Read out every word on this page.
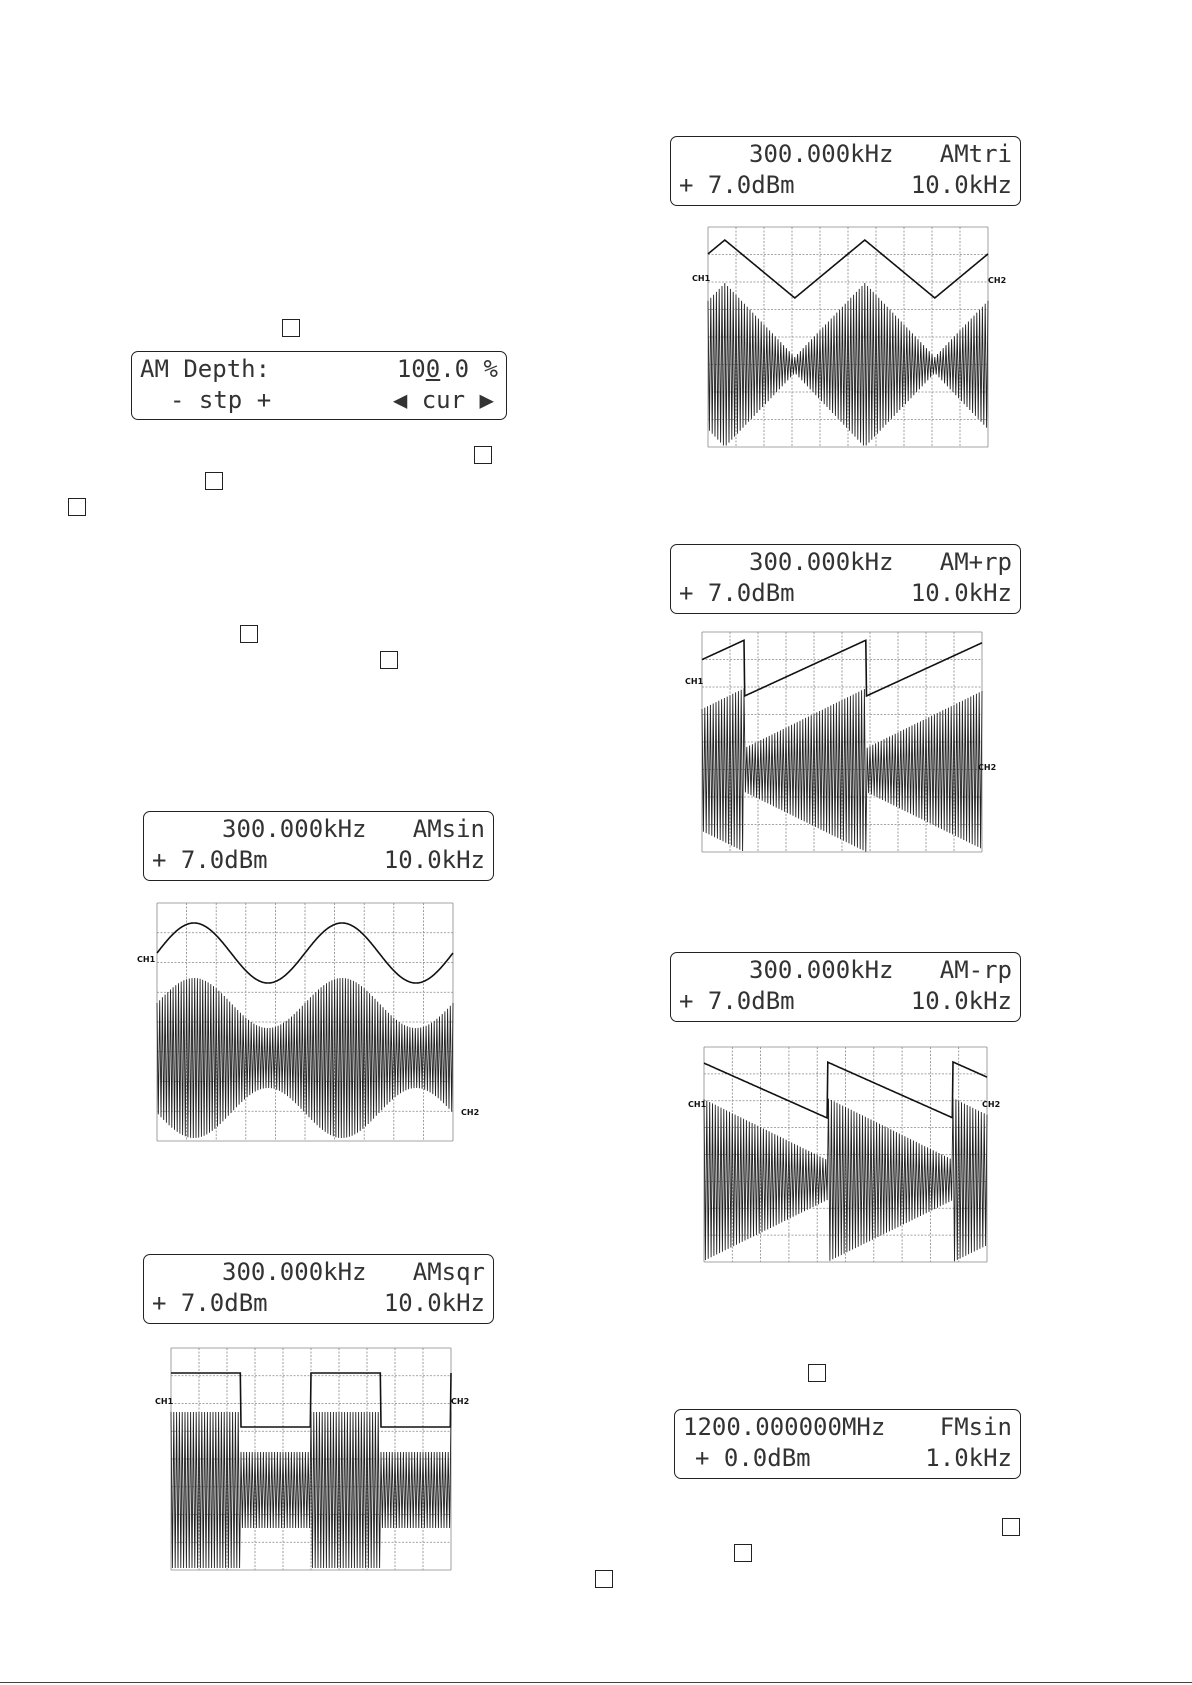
AM Depth:	100.0 %
- stp +	◀ cur ▶
300.000kHz AMsin
+ 7.0dBm	10.0kHz
300.000kHz AMsqr
+ 7.0dBm	10.0kHz
300.000kHz AMtri
+ 7.0dBm	10.0kHz
300.000kHz AM+rp
+ 7.0dBm	10.0kHz
300.000kHz AM-rp
+ 7.0dBm	10.0kHz
1200.000000MHz FMsin
+ 0.0dBm	1.0kHz
CH1
CH2
CH1	CH2
CH1	CH2
CH1
CH2
CH1	CH2
